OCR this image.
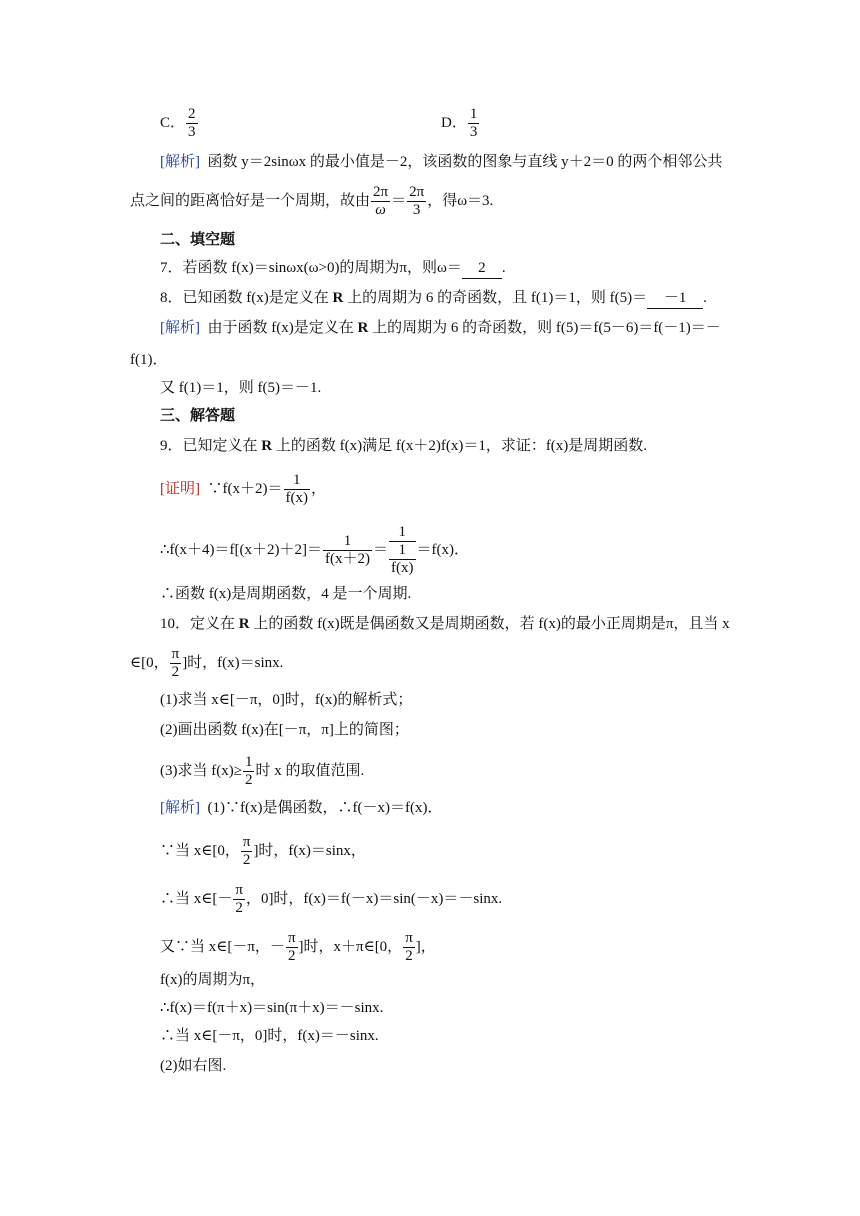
C． $\frac{2}{3}$	D． $\frac{1}{3}$
[解析] 函数 y＝2sinωx 的最小值是－2，该函数的图象与直线 y＋2＝0 的两个相邻公共
点之间的距离恰好是一个周期，故由 $\frac{2\pi}{\omega} = \frac{2\pi}{3}$ ，得ω＝3.
二、填空题
7．若函数 f(x)＝sinωx(ω>0)的周期为π，则ω＝ 2 .
8．已知函数 f(x)是定义在 R 上的周期为 6 的奇函数，且 f(1)＝1，则 f(5)＝ －1 .
[解析] 由于函数 f(x)是定义在 R 上的周期为 6 的奇函数，则 f(5)＝f(5－6)＝f(－1)＝－
f(1)．
又 f(1)＝1，则 f(5)＝－1.
三、解答题
9．已知定义在 R 上的函数 f(x)满足 f(x＋2)f(x)＝1，求证：f(x)是周期函数.
[证明] ∵f(x＋2)＝ $\frac{1}{f(x)}$ ，
∴f(x＋4)＝f[(x＋2)＋2]＝ $\frac{1}{f(x+2)} = \frac{1}{\frac{1}{f(x)}} =f(x)$．
∴函数 f(x)是周期函数，4 是一个周期.
10．定义在 R 上的函数 f(x)既是偶函数又是周期函数，若 f(x)的最小正周期是π，且当 x
∈[0， $\frac{\pi}{2}$ ]时，f(x)＝sinx.
(1)求当 x∈[－π，0]时，f(x)的解析式；
(2)画出函数 f(x)在[－π，π]上的简图；
(3)求当 $f(x)\ge \frac{1}{2}$ 时 x 的取值范围.
[解析] (1)∵f(x)是偶函数，∴f(－x)＝f(x)．
∵当 x∈[0， $\frac{\pi}{2}$ ]时，f(x)＝sinx，
∴当 x∈[－ $\frac{\pi}{2}$ ，0]时，f(x)＝f(－x)＝sin(－x)＝－sinx.
又∵当 x∈[－π，－ $\frac{\pi}{2}$ ]时，x＋π∈[0， $\frac{\pi}{2}$ ]，
f(x)的周期为π，
∴f(x)＝f(π＋x)＝sin(π＋x)＝－sinx.
∴当 x∈[－π，0]时，f(x)＝－sinx.
(2)如右图.
